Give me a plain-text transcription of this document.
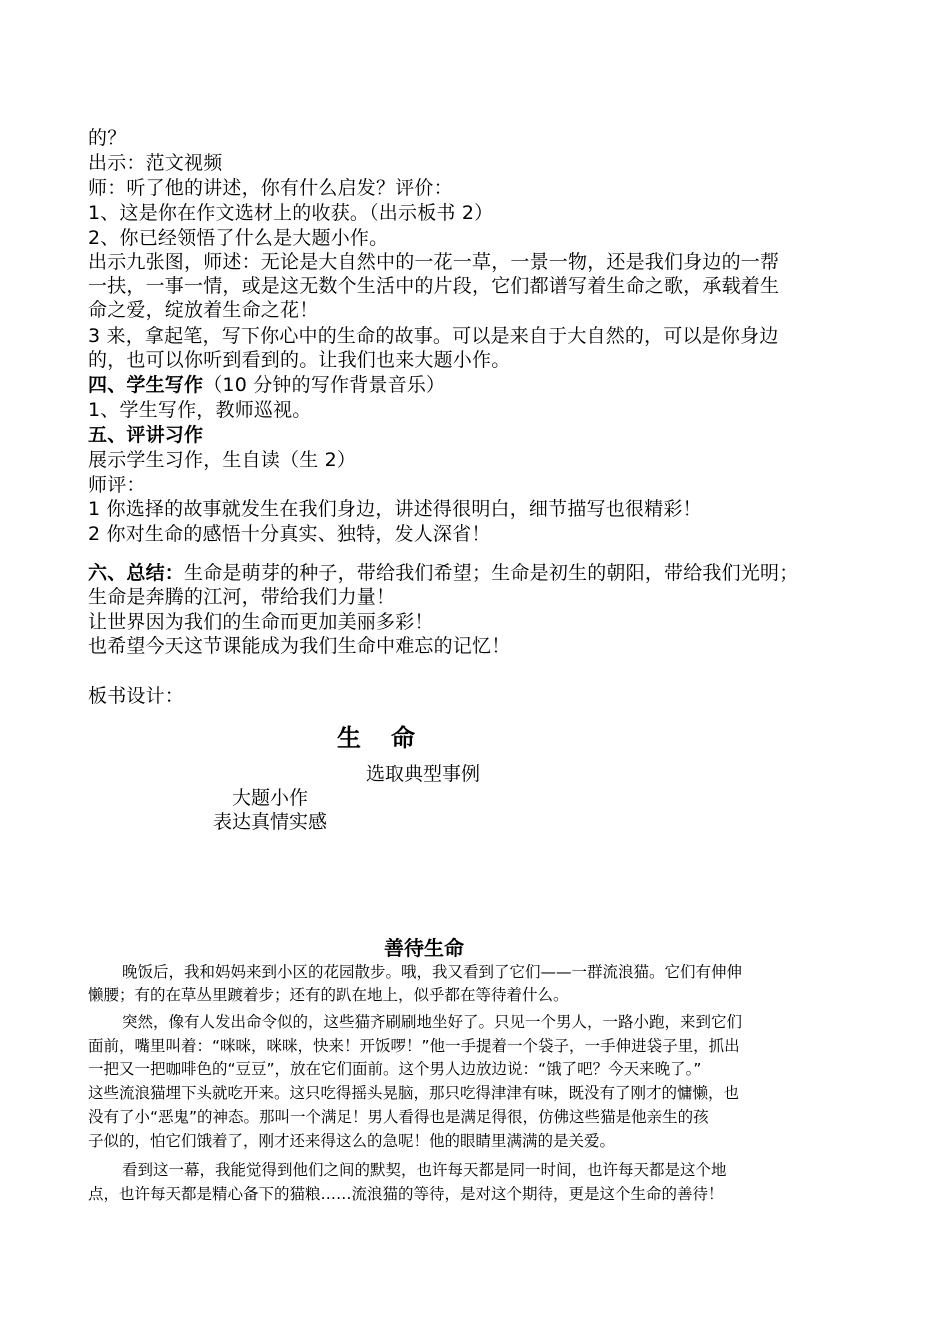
的？
出示：范文视频
师：听了他的讲述，你有什么启发？评价：
1、这是你在作文选材上的收获。（出示板书 2）
2、你已经领悟了什么是大题小作。
出示九张图，师述：无论是大自然中的一花一草，一景一物，还是我们身边的一帮
一扶，一事一情，或是这无数个生活中的片段，它们都谱写着生命之歌，承载着生
命之爱，绽放着生命之花！
3 来，拿起笔，写下你心中的生命的故事。可以是来自于大自然的，可以是你身边
的，也可以你听到看到的。让我们也来大题小作。
四、学生写作（10 分钟的写作背景音乐）
1、学生写作，教师巡视。
五、评讲习作
展示学生习作，生自读（生 2）
师评：
1 你选择的故事就发生在我们身边，讲述得很明白，细节描写也很精彩！
2 你对生命的感悟十分真实、独特，发人深省！
六、总结：生命是萌芽的种子，带给我们希望；生命是初生的朝阳，带给我们光明；
生命是奔腾的江河，带给我们力量！
让世界因为我们的生命而更加美丽多彩！
也希望今天这节课能成为我们生命中难忘的记忆！
板书设计：
生命
选取典型事例
大题小作
表达真情实感
善待生命
晚饭后，我和妈妈来到小区的花园散步。哦，我又看到了它们——一群流浪猫。它们有伸伸
懒腰；有的在草丛里踱着步；还有的趴在地上，似乎都在等待着什么。
突然，像有人发出命令似的，这些猫齐刷刷地坐好了。只见一个男人，一路小跑，来到它们
面前，嘴里叫着：“咪咪，咪咪，快来！开饭啰！”他一手提着一个袋子，一手伸进袋子里，抓出
一把又一把咖啡色的“豆豆”，放在它们面前。这个男人边放边说：“饿了吧？今天来晚了。”
这些流浪猫埋下头就吃开来。这只吃得摇头晃脑，那只吃得津津有味，既没有了刚才的慵懒，也
没有了小“恶鬼”的神态。那叫一个满足！男人看得也是满足得很，仿佛这些猫是他亲生的孩
子似的，怕它们饿着了，刚才还来得这么的急呢！他的眼睛里满满的是关爱。
看到这一幕，我能觉得到他们之间的默契，也许每天都是同一时间，也许每天都是这个地
点，也许每天都是精心备下的猫粮……流浪猫的等待，是对这个期待，更是这个生命的善待！
